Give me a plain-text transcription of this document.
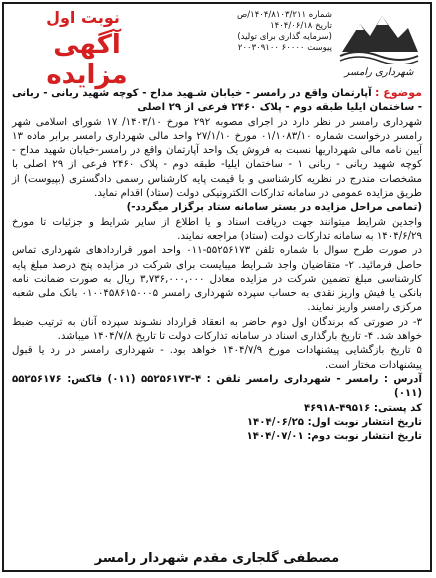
نوبت اول
آگهی مزایده
شماره ۱۴۰۴/۸۱۰۳/۲۱۱/ص
تاریخ ۱۴۰۴/۰۶/۱۸
(سرمایه گذاری برای توليد)
پیوست ۶۰۰۰۰ ۲۰۰۳۰۹۱۰۰
شهرداری رامسر

موضوع : آپارتمان واقع در رامسر - خیابان شـهید مداح - کوچه شهید ربانی - ربانی - ساختمان ایلیا طبقه دوم - پلاک ۲۴۶۰ فرعی از ۲۹ اصلی

شهرداری رامسر در نظر دارد در اجرای مصوبه ۲۹۲ مورخ ۱۴۰۳/۱۰/ ۱۷ شورای اسلامی شهر رامسر درخواست شماره ۰۱/۱۰۸۳/۱۰ مورخ ۲۷/۱/۱۰ واحد مالی شهرداری رامسر برابر ماده ۱۳ آیین نامه مالی شهرداریها نسبت به فروش یک واحد آپارتمان واقع در رامسر-خیابان شهید مداح - کوچه شهید ربانی - ربانی ۱ - ساختمان ایلیا- طبقه دوم - پلاک ۲۴۶۰ فرعی از ۲۹ اصلی با مشخصات مندرج در نظریه کارشناسی و با قیمت پایه کارشناس رسمی دادگستری (بپیوست) از طریق مزایده عمومی در سامانه تدارکات الکترونیکی دولت (ستاد) اقدام نماید.

(تمامی مراحل مزایده در بستر سامانه ستاد برگزار میگردد-)

واجدین شرایط میتوانند جهت دریافت اسناد و یا اطلاع از سایر شرایط و جزئیات تا مورخ ۱۴۰۴/۶/۲۹ به سامانه تدارکات دولت (ستاد) مراجعه نمایند.

در صورت طرح سوال با شماره تلفن ۵۵۲۵۶۱۷۳-۰۱۱ واحد امور قراردادهای شهرداری تماس حاصل فرمائید. ۲- متقاضیان واجد شـرایط میبایست برای شرکت در مزایده پنج درصد مبلغ پایه کارشناسی مبلغ تضمین شرکت در مزایده معادل ۳,۷۳۶,۰۰۰,۰۰۰ ریال به صورت ضمانت نامه بانکی یا فیش واریز نقدی به حساب سپرده شهرداری رامسر ۰۱۰۰۴۵۸۶۱۵۰۰۰۵ بانک ملی شعبه مرکزی رامسر واریز نمایند.

۳- در صورتی که برندگان اول دوم حاضر به انعقاد قرارداد نشـوند سپرده آنان به ترتیب ضبط خواهد شد. ۴- تاریخ بارگذاری اسناد در سامانه تدارکات دولت تا تاریخ ۱۴۰۴/۷/۸ میباشد.

۵ تاریخ بازگشایی پیشنهادات مورخ ۱۴۰۴/۷/۹ خواهد بود. - شهرداری رامسر در رد یا قبول پیشنهادات مختار است.

آدرس : رامسر - شهرداری رامسر تلفن : ۴-۵۵۲۵۶۱۷۳ (۰۱۱) فاکس: ۵۵۲۵۶۱۷۶ (۰۱۱)

کد پستی: ۴۹۵۱۶-۴۶۹۱۸

تاریخ انتشار نوبت اول: ۱۴۰۴/۰۶/۲۵

تاریخ انتشار نوبت دوم: ۱۴۰۴/۰۷/۰۱

مصطفی گلجاری مقدم شهردار رامسر
